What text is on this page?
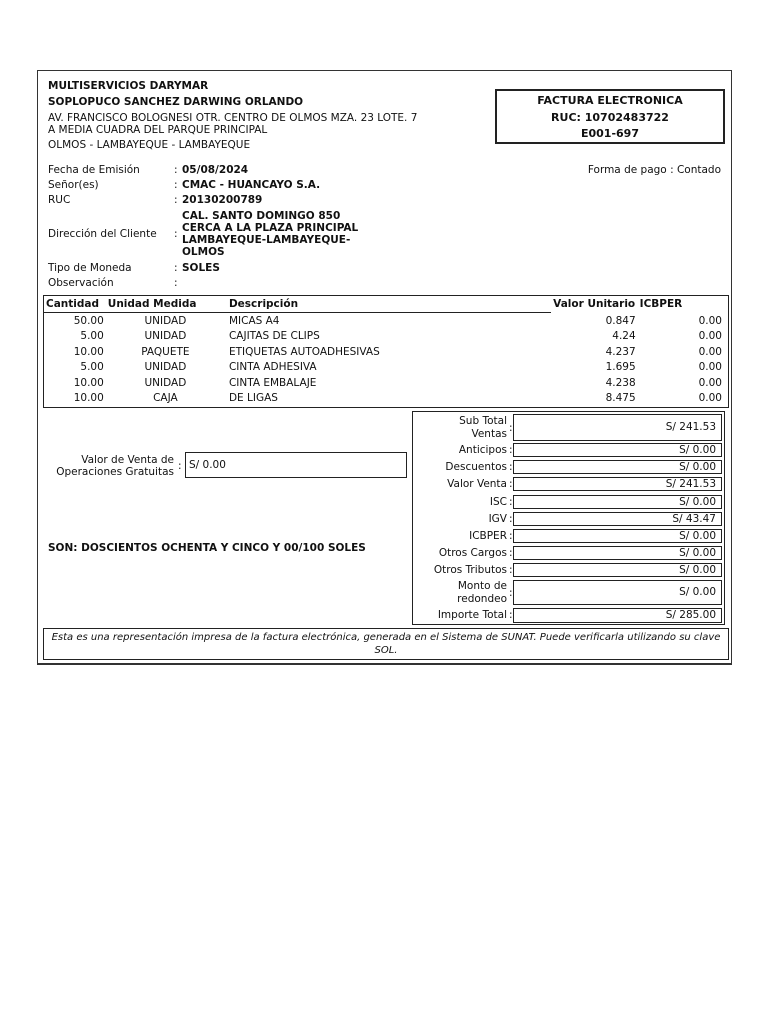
MULTISERVICIOS DARYMAR
SOPLOPUCO SANCHEZ DARWING ORLANDO
AV. FRANCISCO BOLOGNESI OTR. CENTRO DE OLMOS MZA. 23 LOTE. 7
A MEDIA CUADRA DEL PARQUE PRINCIPAL
OLMOS - LAMBAYEQUE - LAMBAYEQUE
FACTURA ELECTRONICA
RUC: 10702483722
E001-697
Fecha de Emisión	: 05/08/2024	Forma de pago : Contado
Señor(es)	: CMAC - HUANCAYO S.A.
RUC	: 20130200789
Dirección del Cliente :
CAL. SANTO DOMINGO 850
CERCA A LA PLAZA PRINCIPAL
LAMBAYEQUE-LAMBAYEQUE-
OLMOS
Tipo de Moneda	: SOLES
Observación	:
Cantidad	Unidad Medida	Descripción	Valor Unitario	ICBPER
50.00	UNIDAD	MICAS A4	0.847	0.00
5.00	UNIDAD	CAJITAS DE CLIPS	4.24	0.00
10.00	PAQUETE	ETIQUETAS AUTOADHESIVAS	4.237	0.00
5.00	UNIDAD	CINTA ADHESIVA	1.695	0.00
10.00	UNIDAD	CINTA EMBALAJE	4.238	0.00
10.00	CAJA	DE LIGAS	8.475	0.00
Valor de Venta de
Operaciones Gratuitas : S/ 0.00
SON: DOSCIENTOS OCHENTA Y CINCO Y 00/100 SOLES
Sub Total
Ventas :	S/ 241.53
Anticipos :	S/ 0.00
Descuentos :	S/ 0.00
Valor Venta :	S/ 241.53
ISC :	S/ 0.00
IGV :	S/ 43.47
ICBPER :	S/ 0.00
Otros Cargos :	S/ 0.00
Otros Tributos :	S/ 0.00
Monto de
redondeo :	S/ 0.00
Importe Total :	S/ 285.00
Esta es una representación impresa de la factura electrónica, generada en el Sistema de SUNAT. Puede verificarla utilizando su clave SOL.
